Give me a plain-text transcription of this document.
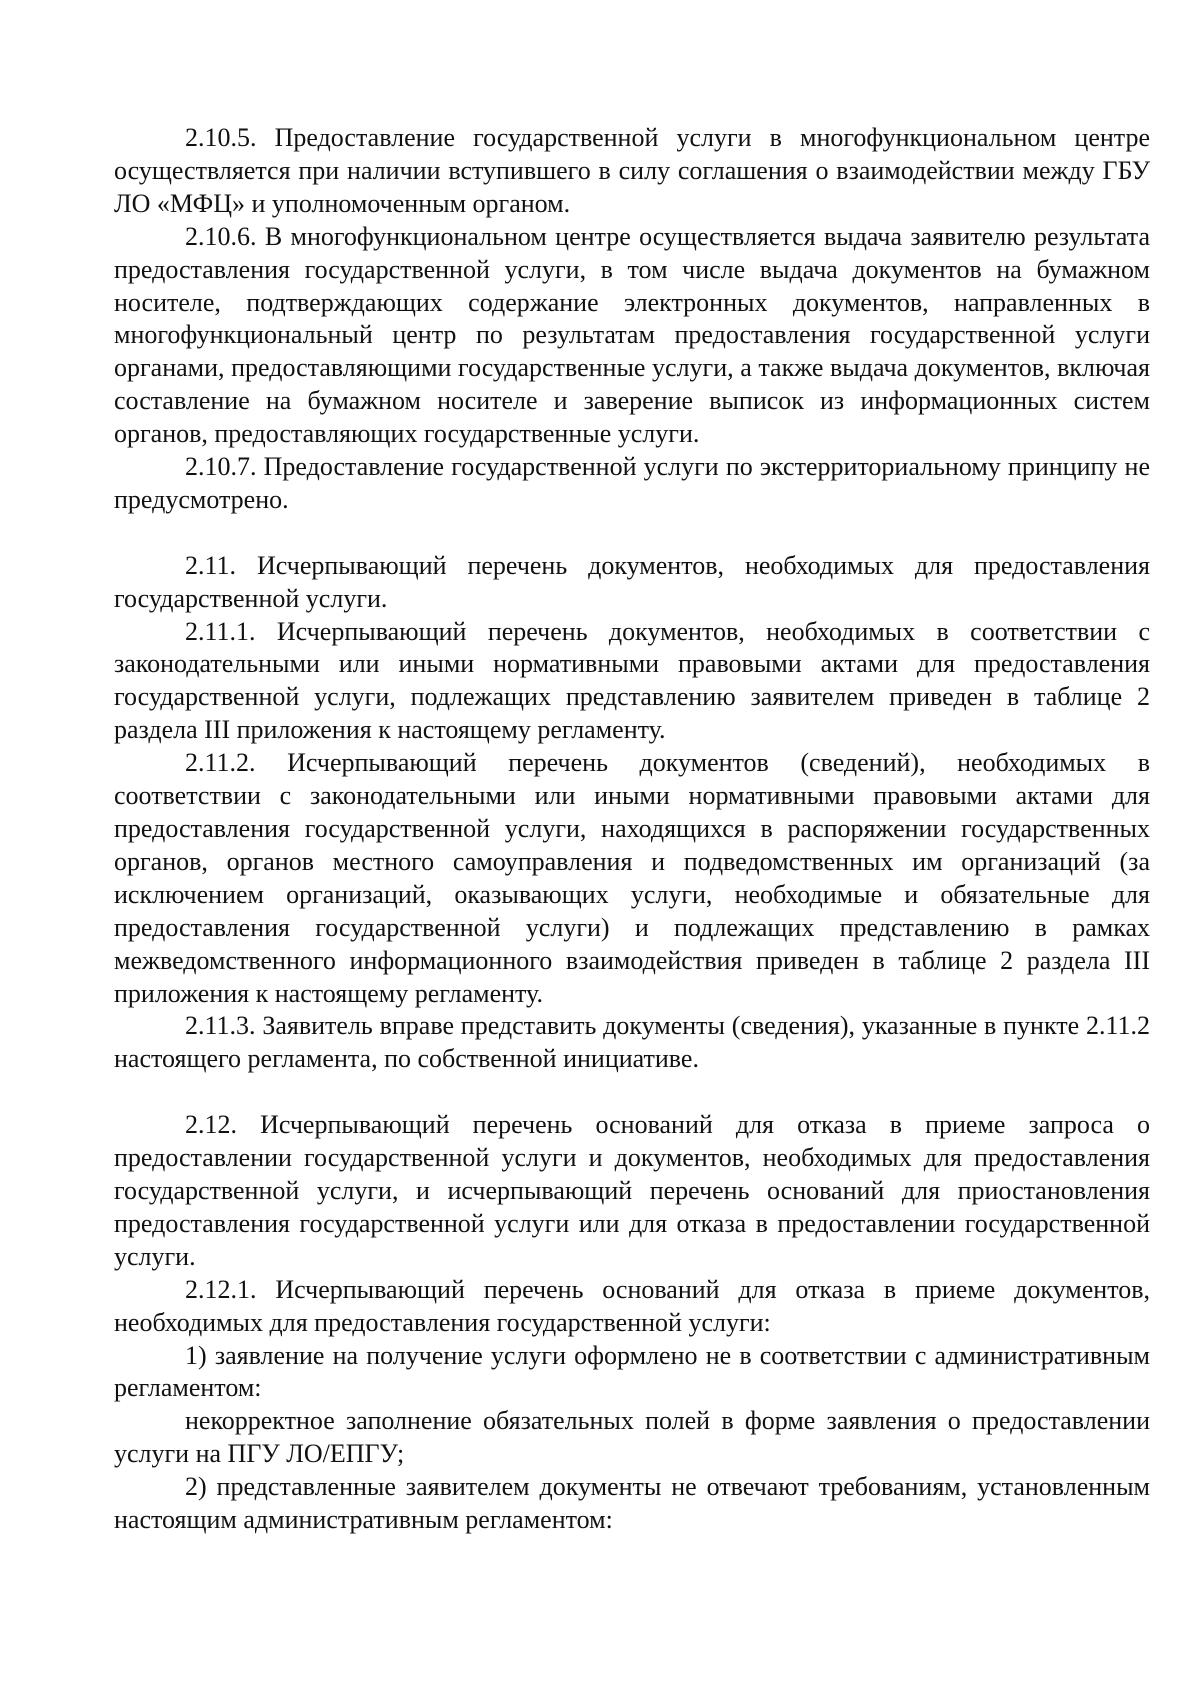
2.10.5. Предоставление государственной услуги в многофункциональном центре осуществляется при наличии вступившего в силу соглашения о взаимодействии между ГБУ ЛО «МФЦ» и уполномоченным органом.

2.10.6. В многофункциональном центре осуществляется выдача заявителю результата предоставления государственной услуги, в том числе выдача документов на бумажном носителе, подтверждающих содержание электронных документов, направленных в многофункциональный центр по результатам предоставления государственной услуги органами, предоставляющими государственные услуги, а также выдача документов, включая составление на бумажном носителе и заверение выписок из информационных систем органов, предоставляющих государственные услуги.

2.10.7. Предоставление государственной услуги по экстерриториальному принципу не предусмотрено.

2.11. Исчерпывающий перечень документов, необходимых для предоставления государственной услуги.

2.11.1. Исчерпывающий перечень документов, необходимых в соответствии с законодательными или иными нормативными правовыми актами для предоставления государственной услуги, подлежащих представлению заявителем приведен в таблице 2 раздела III приложения к настоящему регламенту.

2.11.2. Исчерпывающий перечень документов (сведений), необходимых в соответствии с законодательными или иными нормативными правовыми актами для предоставления государственной услуги, находящихся в распоряжении государственных органов, органов местного самоуправления и подведомственных им организаций (за исключением организаций, оказывающих услуги, необходимые и обязательные для предоставления государственной услуги) и подлежащих представлению в рамках межведомственного информационного взаимодействия приведен в таблице 2 раздела III приложения к настоящему регламенту.

2.11.3. Заявитель вправе представить документы (сведения), указанные в пункте 2.11.2 настоящего регламента, по собственной инициативе.

2.12. Исчерпывающий перечень оснований для отказа в приеме запроса о предоставлении государственной услуги и документов, необходимых для предоставления государственной услуги, и исчерпывающий перечень оснований для приостановления предоставления государственной услуги или для отказа в предоставлении государственной услуги.

2.12.1. Исчерпывающий перечень оснований для отказа в приеме документов, необходимых для предоставления государственной услуги:

1) заявление на получение услуги оформлено не в соответствии с административным регламентом:

некорректное заполнение обязательных полей в форме заявления о предоставлении услуги на ПГУ ЛО/ЕПГУ;

2) представленные заявителем документы не отвечают требованиям, установленным настоящим административным регламентом:
